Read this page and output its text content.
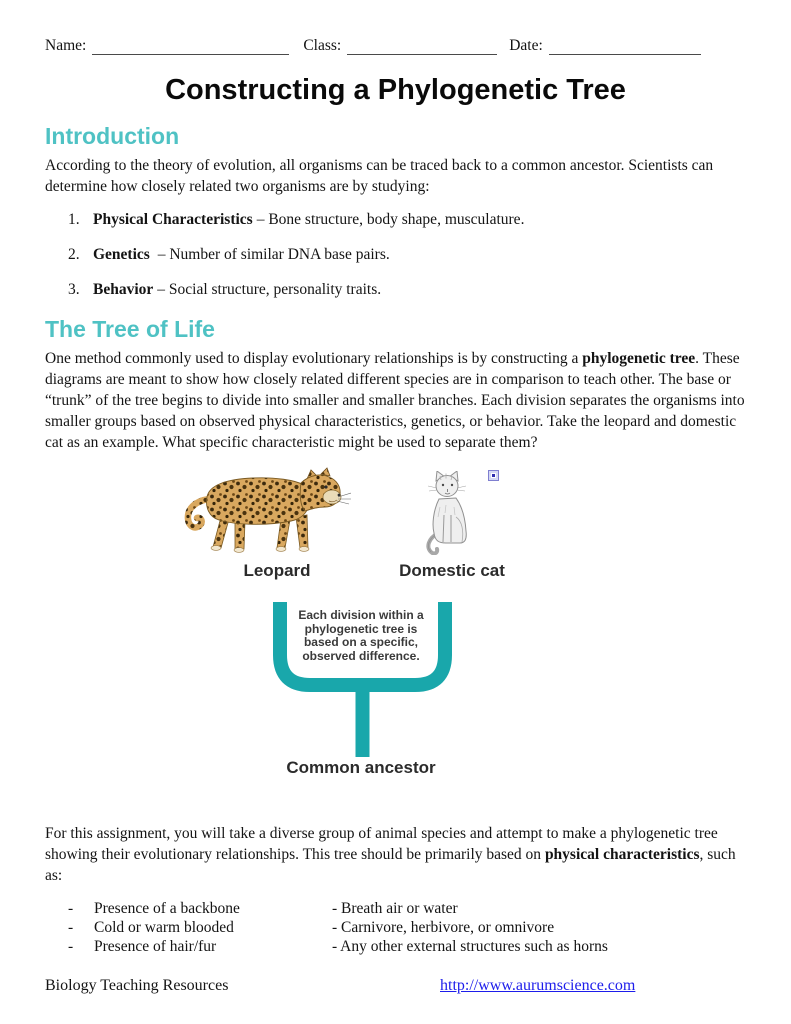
Name:	Class:	Date:
Constructing a Phylogenetic Tree
Introduction

According to the theory of evolution, all organisms can be traced back to a common ancestor. Scientists can determine how closely related two organisms are by studying:

1. Physical Characteristics – Bone structure, body shape, musculature.
2. Genetics – Number of similar DNA base pairs.
3. Behavior – Social structure, personality traits.
The Tree of Life

One method commonly used to display evolutionary relationships is by constructing a phylogenetic tree. These diagrams are meant to show how closely related different species are in comparison to teach other. The base or “trunk” of the tree begins to divide into smaller and smaller branches. Each division separates the organisms into smaller groups based on observed physical characteristics, genetics, or behavior. Take the leopard and domestic cat as an example. What specific characteristic might be used to separate them?

Leopard	Domestic cat
Each division within a
phylogenetic tree is
based on a specific,
observed difference.
Common ancestor

For this assignment, you will take a diverse group of animal species and attempt to make a phylogenetic tree showing their evolutionary relationships. This tree should be primarily based on physical characteristics, such as:

-	Presence of a backbone	- Breath air or water
-	Cold or warm blooded	- Carnivore, herbivore, or omnivore
-	Presence of hair/fur	- Any other external structures such as horns
Biology Teaching Resources	http://www.aurumscience.com
